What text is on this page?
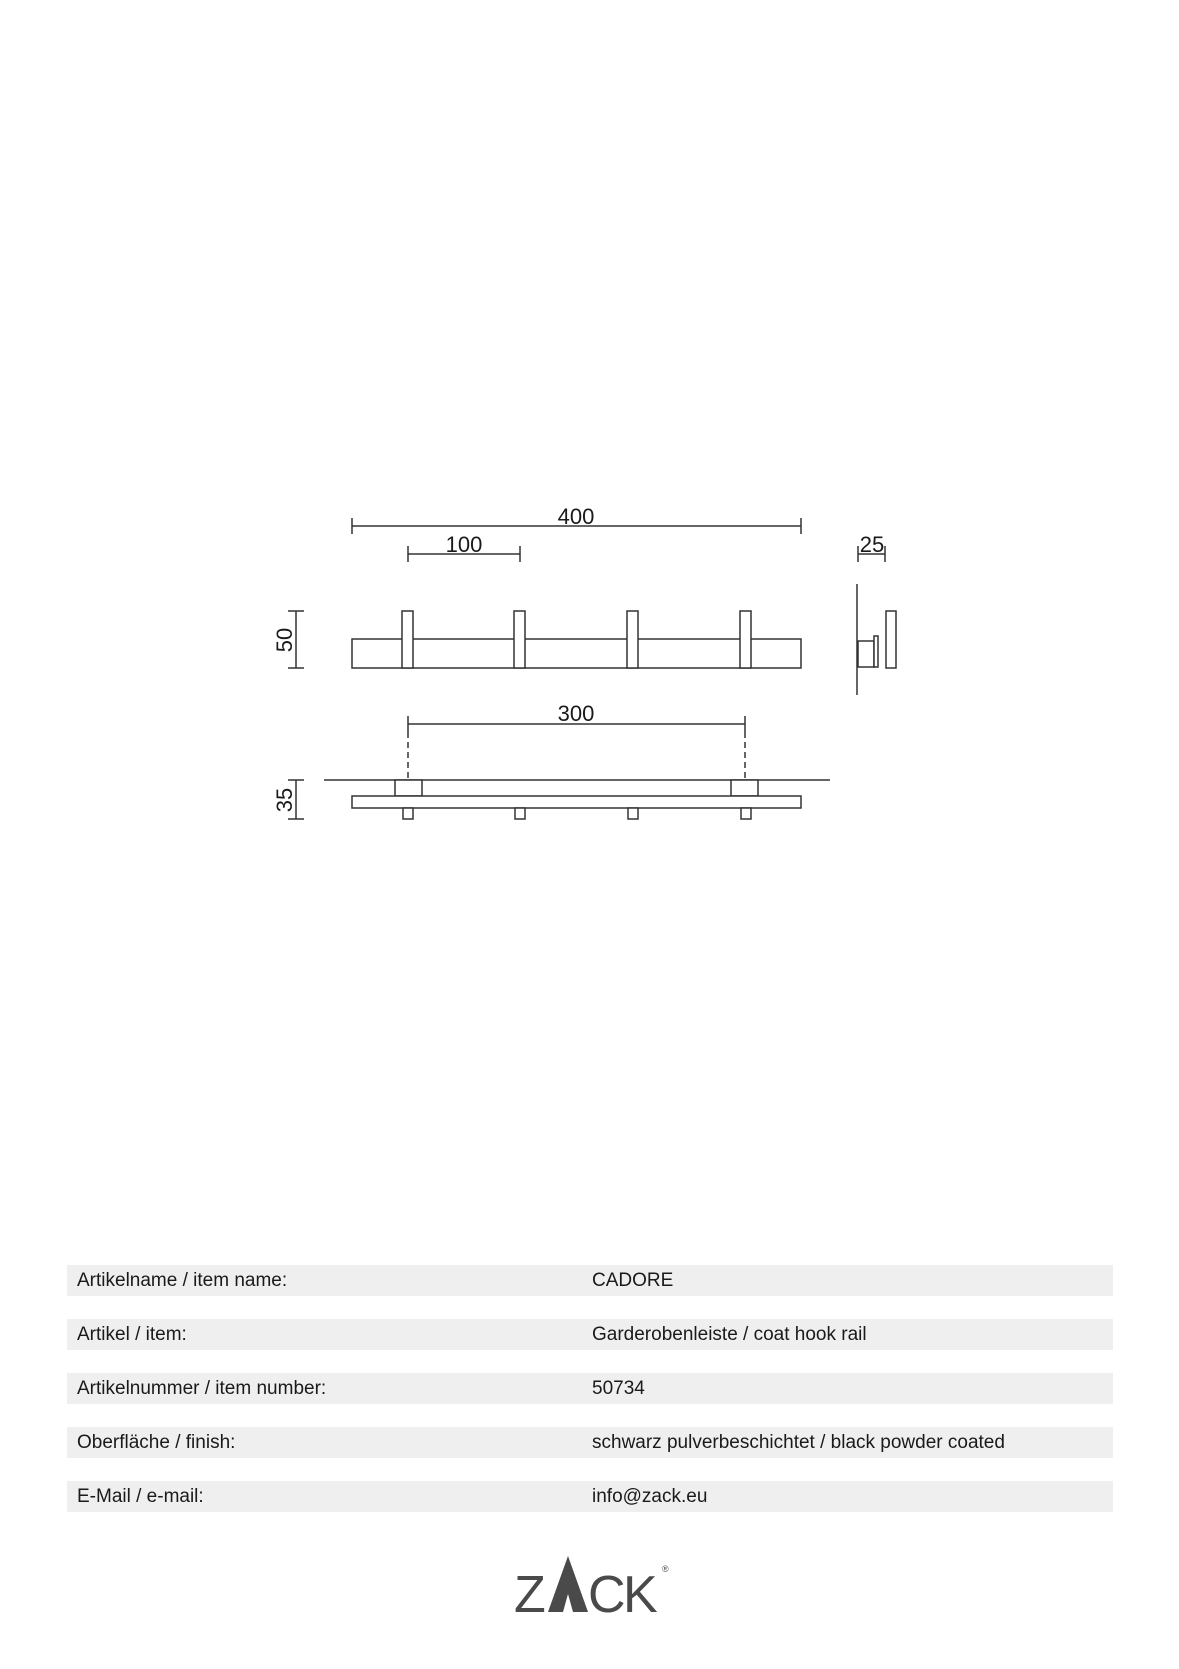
400
100	25
50
300
35
Artikelname / item name:	CADORE
Artikel / item:	Garderobenleiste / coat hook rail
Artikelnummer / item number:	50734
Oberfläche / finish:	schwarz pulverbeschichtet / black powder coated
E-Mail / e-mail:	info@zack.eu
Z C
K ®
